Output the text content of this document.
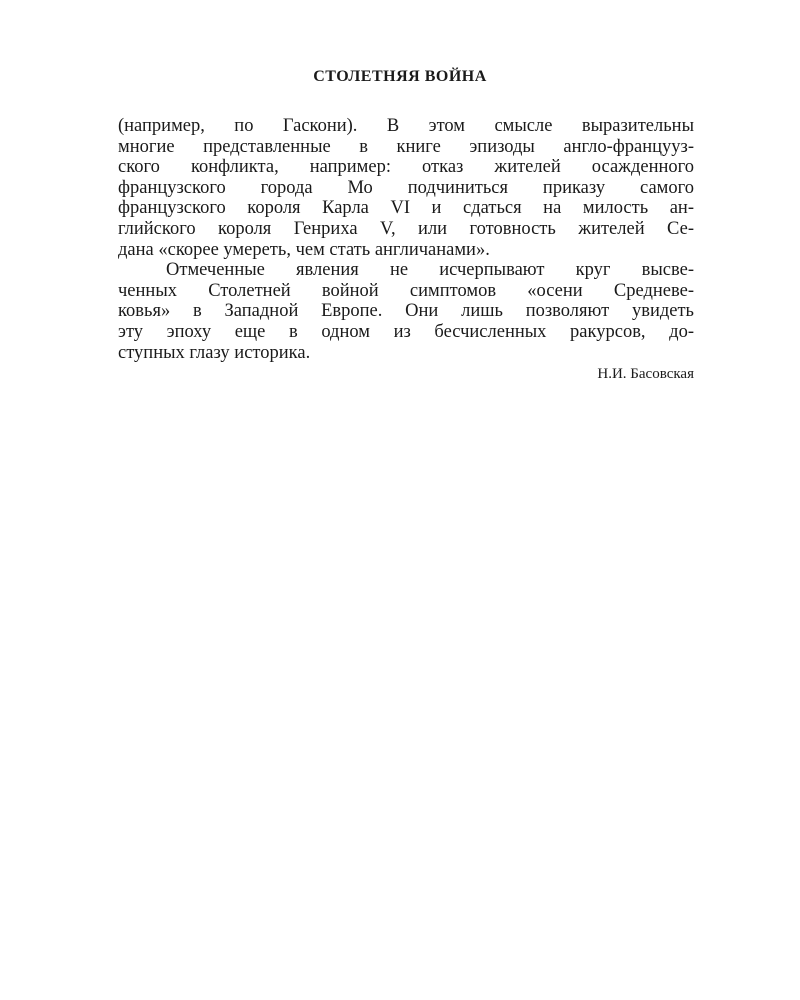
СТОЛЕТНЯЯ ВОЙНА
(например, по Гаскони). В этом смысле выразительны
многие представленные в книге эпизоды англо-францууз-
ского конфликта, например: отказ жителей осажденного
французского города Мо подчиниться приказу самого
французского короля Карла VI и сдаться на милость ан-
глийского короля Генриха V, или готовность жителей Се-
дана «скорее умереть, чем стать англичанами».
Отмеченные явления не исчерпывают круг высве-
ченных Столетней войной симптомов «осени Средневе-
ковья» в Западной Европе. Они лишь позволяют увидеть
эту эпоху еще в одном из бесчисленных ракурсов, до-
ступных глазу историка.
Н.И. Басовская
